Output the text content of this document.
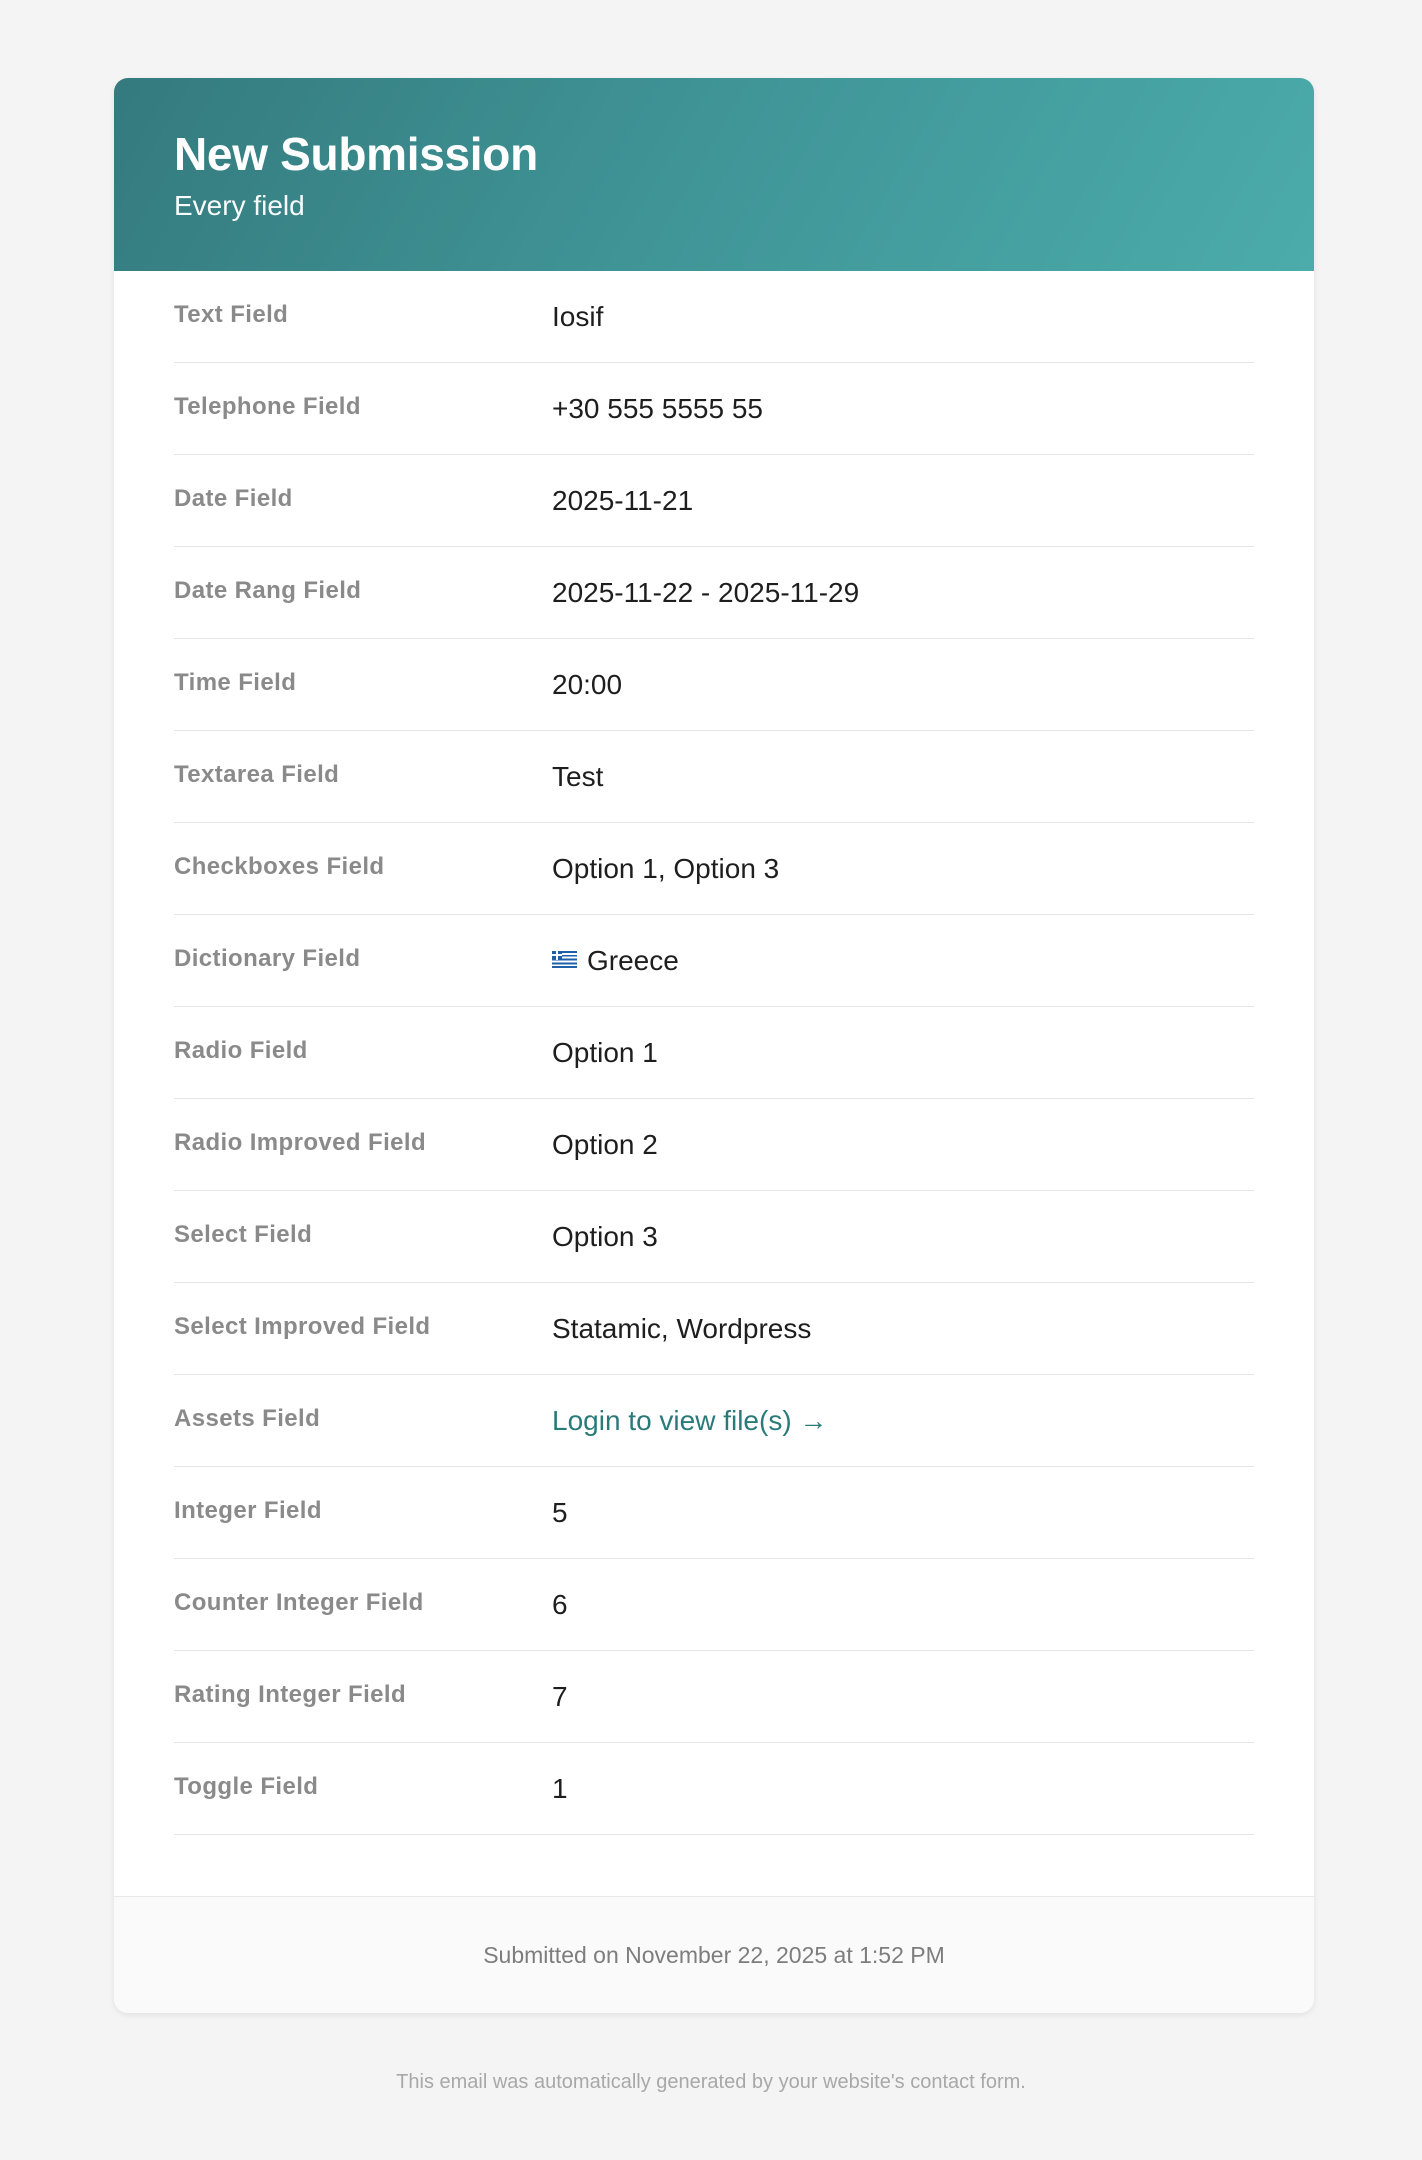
New Submission
Every field
Text Field	Iosif
Telephone Field	+30 555 5555 55
Date Field	2025-11-21
Date Rang Field	2025-11-22 - 2025-11-29
Time Field	20:00
Textarea Field	Test
Checkboxes Field	Option 1, Option 3
Dictionary Field	Greece
Radio Field	Option 1
Radio Improved Field	Option 2
Select Field	Option 3
Select Improved Field	Statamic, Wordpress
Assets Field	Login to view file(s) →
Integer Field	5
Counter Integer Field	6
Rating Integer Field	7
Toggle Field	1
Submitted on November 22, 2025 at 1:52 PM
This email was automatically generated by your website's contact form.
